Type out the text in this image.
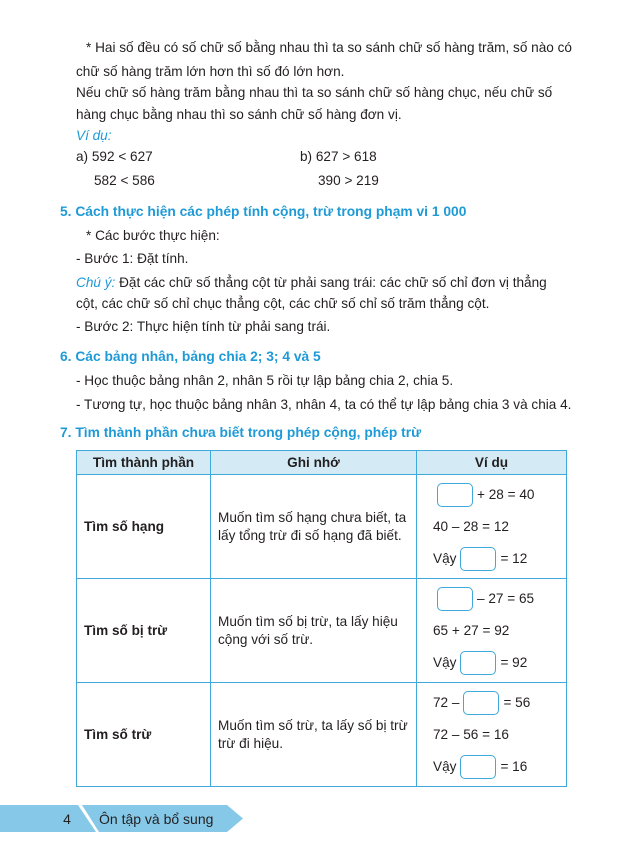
* Hai số đều có số chữ số bằng nhau thì ta so sánh chữ số hàng trăm, số nào có
chữ số hàng trăm lớn hơn thì số đó lớn hơn.
Nếu chữ số hàng trăm bằng nhau thì ta so sánh chữ số hàng chục, nếu chữ số
hàng chục bằng nhau thì so sánh chữ số hàng đơn vị.
Ví dụ:
a) 592 < 627
582 < 586
b) 627 > 618
390 > 219
5. Cách thực hiện các phép tính cộng, trừ trong phạm vi 1 000
* Các bước thực hiện:
- Bước 1: Đặt tính.
Chú ý: Đặt các chữ số thẳng cột từ phải sang trái: các chữ số chỉ đơn vị thẳng
cột, các chữ số chỉ chục thẳng cột, các chữ số chỉ số trăm thẳng cột.
- Bước 2: Thực hiện tính từ phải sang trái.
6. Các bảng nhân, bảng chia 2; 3; 4 và 5
- Học thuộc bảng nhân 2, nhân 5 rồi tự lập bảng chia 2, chia 5.
- Tương tự, học thuộc bảng nhân 3, nhân 4, ta có thể tự lập bảng chia 3 và chia 4.
7. Tìm thành phần chưa biết trong phép cộng, phép trừ
Tìm thành phần	Ghi nhớ	Ví dụ
Tìm số hạng	Muốn tìm số hạng chưa biết, ta lấy tổng trừ đi số hạng đã biết.	+ 28 = 40
40 – 28 = 12
Vậy = 12

Tìm số bị trừ	Muốn tìm số bị trừ, ta lấy hiệu cộng với số trừ.	– 27 = 65
65 + 27 = 92
Vậy = 92

Tìm số trừ	Muốn tìm số trừ, ta lấy số bị trừ trừ đi hiệu.	72 – = 56
72 – 56 = 16
Vậy = 16
4 Ôn tập và bổ sung
